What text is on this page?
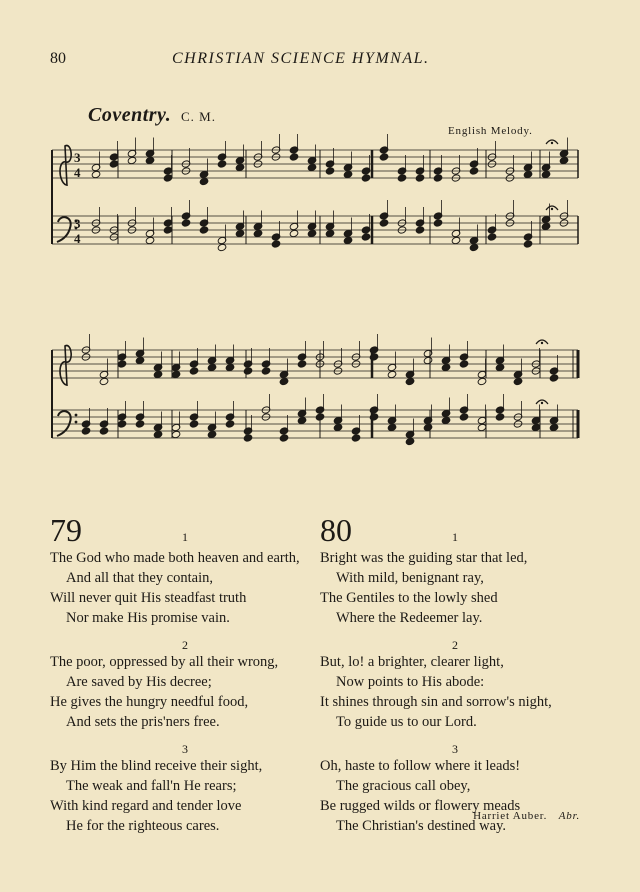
80	CHRISTIAN SCIENCE HYMNAL.
Coventry. C. M.
English Melody.
3
4
3
4
79	1
The God who made both heaven and earth,
And all that they contain,
Will never quit His steadfast truth
Nor make His promise vain.
2
The poor, oppressed by all their wrong,
Are saved by His decree;
He gives the hungry needful food,
And sets the pris'ners free.
3
By Him the blind receive their sight,
The weak and fall'n He rears;
With kind regard and tender love
He for the righteous cares.
80	1
Bright was the guiding star that led,
With mild, benignant ray,
The Gentiles to the lowly shed
Where the Redeemer lay.
2
But, lo! a brighter, clearer light,
Now points to His abode:
It shines through sin and sorrow's night,
To guide us to our Lord.
3
Oh, haste to follow where it leads!
The gracious call obey,
Be rugged wilds or flowery meads
The Christian's destined way.
Harriet Auber. Abr.
